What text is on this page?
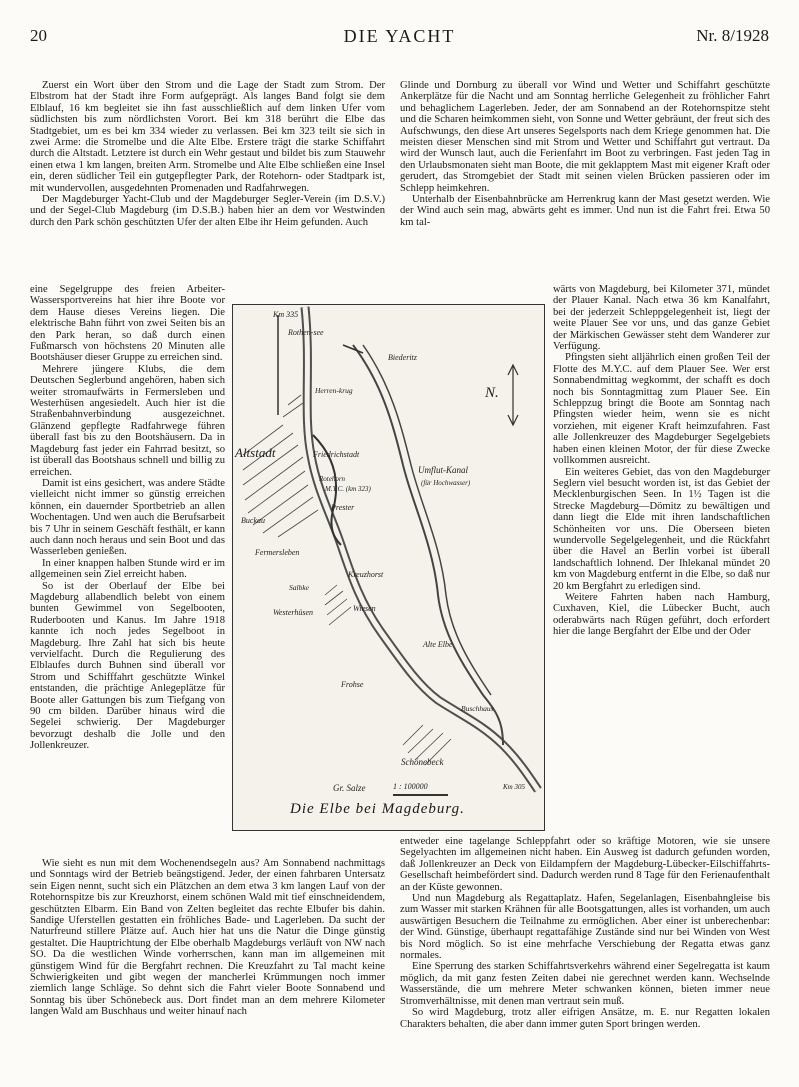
20	DIE YACHT	Nr. 8/1928

Zuerst ein Wort über den Strom und die Lage der Stadt zum Strom. Der Elbstrom hat der Stadt ihre Form aufgeprägt. Als langes Band folgt sie dem Elblauf, 16 km begleitet sie ihn fast ausschließlich auf dem linken Ufer vom südlichsten bis zum nördlichsten Vorort. Bei km 318 berührt die Elbe das Stadtgebiet, um es bei km 334 wieder zu verlassen. Bei km 323 teilt sie sich in zwei Arme: die Stromelbe und die Alte Elbe. Erstere trägt die starke Schiffahrt durch die Altstadt. Letztere ist durch ein Wehr gestaut und bildet bis zum Stauwehr einen etwa 1 km langen, breiten Arm. Stromelbe und Alte Elbe schließen eine Insel ein, deren südlicher Teil ein gutgepflegter Park, der Rotehorn- oder Stadtpark ist, mit wundervollen, ausgedehnten Promenaden und Radfahrwegen.

Der Magdeburger Yacht-Club und der Magdeburger Segler-Verein (im D.S.V.) und der Segel-Club Magdeburg (im D.S.B.) haben hier an dem vor Westwinden durch den Park schön geschützten Ufer der alten Elbe ihr Heim gefunden. Auch

eine Segelgruppe des freien Arbeiter-Wassersportvereins hat hier ihre Boote vor dem Hause dieses Vereins liegen. Die elektrische Bahn führt von zwei Seiten bis an den Park heran, so daß durch einen Fußmarsch von höchstens 20 Minuten alle Bootshäuser dieser Gruppe zu erreichen sind.

Mehrere jüngere Klubs, die dem Deutschen Seglerbund angehören, haben sich weiter stromaufwärts in Fermersleben und Westerhüsen angesiedelt. Auch hier ist die Straßenbahnverbindung ausgezeichnet. Glänzend gepflegte Radfahrwege führen überall fast bis zu den Bootshäusern. Da in Magdeburg fast jeder ein Fahrrad besitzt, so ist überall das Bootshaus schnell und billig zu erreichen.

Damit ist eins gesichert, was andere Städte vielleicht nicht immer so günstig erreichen können, ein dauernder Sportbetrieb an allen Wochentagen. Und wen auch die Berufsarbeit bis 7 Uhr in seinem Geschäft festhält, er kann auch dann noch heraus und sein Boot und das Wasserleben genießen.

In einer knappen halben Stunde wird er im allgemeinen sein Ziel erreicht haben.

So ist der Oberlauf der Elbe bei Magdeburg allabendlich belebt von einem bunten Gewimmel von Segelbooten, Ruderbooten und Kanus. Im Jahre 1918 kannte ich noch jedes Segelboot in Magdeburg. Ihre Zahl hat sich bis heute vervielfacht. Durch die Regulierung des Elblaufes durch Buhnen sind überall vor Strom und Schifffahrt geschützte Winkel entstanden, die prächtige Anlegeplätze für Boote aller Gattungen bis zum Tiefgang von 90 cm bilden. Darüber hinaus wird die Segelei schwierig. Der Magdeburger bevorzugt deshalb die Jolle und den Jollenkreuzer.

Wie sieht es nun mit dem Wochenendsegeln aus? Am Sonnabend nachmittags und Sonntags wird der Betrieb beängstigend. Jeder, der einen fahrbaren Untersatz sein Eigen nennt, sucht sich ein Plätzchen an dem etwa 3 km langen Lauf von der Rotehornspitze bis zur Kreuzhorst, einem schönen Wald mit tief einschneidendem, geschützten Elbarm. Ein Band von Zelten begleitet das rechte Elbufer bis dahin. Sandige Uferstellen gestatten ein fröhliches Bade- und Lagerleben. Da sucht der Naturfreund stillere Plätze auf. Auch hier hat uns die Natur die Dinge günstig gestaltet. Die Hauptrichtung der Elbe oberhalb Magdeburgs verläuft von NW nach SO. Da die westlichen Winde vorherrschen, kann man im allgemeinen mit günstigem Wind für die Bergfahrt rechnen. Die Kreuzfahrt zu Tal macht keine Schwierigkeiten und gibt wegen der mancherlei Krümmungen noch immer ziemlich lange Schläge. So dehnt sich die Fahrt vieler Boote Sonnabend und Sonntag bis über Schönebeck aus. Dort findet man an dem mehrere Kilometer langen Wald am Buschhaus und weiter hinauf nach

Glinde und Dornburg zu überall vor Wind und Wetter und Schiffahrt geschützte Ankerplätze für die Nacht und am Sonntag herrliche Gelegenheit zu fröhlicher Fahrt und behaglichem Lagerleben. Jeder, der am Sonnabend an der Rotehornspitze steht und die Scharen heimkommen sieht, von Sonne und Wetter gebräunt, der freut sich des Aufschwungs, den diese Art unseres Segelsports nach dem Kriege genommen hat. Die meisten dieser Menschen sind mit Strom und Wetter und Schiffahrt gut vertraut. Da wird der Wunsch laut, auch die Ferienfahrt im Boot zu verbringen. Fast jeden Tag in den Urlaubsmonaten sieht man Boote, die mit geklapptem Mast mit eigener Kraft oder gerudert, das Stromgebiet der Stadt mit seinen vielen Brücken passieren oder im Schlepp heimkehren.

Unterhalb der Eisenbahnbrücke am Herrenkrug kann der Mast gesetzt werden. Wie der Wind auch sein mag, abwärts geht es immer. Und nun ist die Fahrt frei. Etwa 50 km tal-

wärts von Magdeburg, bei Kilometer 371, mündet der Plauer Kanal. Nach etwa 36 km Kanalfahrt, bei der jederzeit Schleppgelegenheit ist, liegt der weite Plauer See vor uns, und das ganze Gebiet der Märkischen Gewässer steht dem Wanderer zur Verfügung.

Pfingsten sieht alljährlich einen großen Teil der Flotte des M.Y.C. auf dem Plauer See. Wer erst Sonnabendmittag wegkommt, der schafft es doch noch bis Sonntagmittag zum Plauer See. Ein Schleppzug bringt die Boote am Sonntag nach Pfingsten wieder heim, wenn sie es nicht vorziehen, mit eigener Kraft heimzufahren. Fast alle Jollenkreuzer des Magdeburger Segelgebiets haben einen kleinen Motor, der für diese Zwecke vollkommen ausreicht.

Ein weiteres Gebiet, das von den Magdeburger Seglern viel besucht worden ist, ist das Gebiet der Mecklenburgischen Seen. In 1½ Tagen ist die Strecke Magdeburg—Dömitz zu bewältigen und dann liegt die Elde mit ihren landschaftlichen Schönheiten vor uns. Die Oberseen bieten wundervolle Segelgelegenheit, und die Rückfahrt über die Havel an Berlin vorbei ist überall landschaftlich lohnend. Der Ihlekanal mündet 20 km von Magdeburg entfernt in die Elbe, so daß nur 20 km Bergfahrt zu erledigen sind.

Weitere Fahrten haben nach Hamburg, Cuxhaven, Kiel, die Lübecker Bucht, auch oderabwärts nach Rügen geführt, doch erfordert hier die lange Bergfahrt der Elbe und der Oder

entweder eine tagelange Schleppfahrt oder so kräftige Motoren, wie sie unsere Segelyachten im allgemeinen nicht haben. Ein Ausweg ist dadurch gefunden worden, daß Jollenkreuzer an Deck von Eildampfern der Magdeburg-Lübecker-Eilschiffahrts-Gesellschaft heimbefördert sind. Dadurch werden rund 8 Tage für den Ferienaufenthalt an der Küste gewonnen.

Und nun Magdeburg als Regattaplatz. Hafen, Segelanlagen, Eisenbahngleise bis zum Wasser mit starken Krähnen für alle Bootsgattungen, alles ist vorhanden, um auch auswärtigen Besuchern die Teilnahme zu ermöglichen. Aber einer ist unberechenbar: der Wind. Günstige, überhaupt regattafähige Zustände sind nur bei Winden von West bis Nord möglich. So ist eine mehrfache Verschiebung der Regatta etwas ganz normales.

Eine Sperrung des starken Schiffahrtsverkehrs während einer Segelregatta ist kaum möglich, da mit ganz festen Zeiten dabei nie gerechnet werden kann. Wechselnde Wasserstände, die um mehrere Meter schwanken können, bieten immer neue Stromverhältnisse, mit denen man vertraut sein muß.

So wird Magdeburg, trotz aller eifrigen Ansätze, m. E. nur Regatten lokalen Charakters behalten, die aber dann immer guten Sport bringen werden.

Km 335
Rothen-see
Biederitz
Herren-krug	N.
Altstadt	Friedrichstadt
Umflut-Kanal
(für Hochwasser)
Rotehorn
M.Y.C. (km 323)
Prester
Buckau
Fermersleben
Salbke
Kreuzhorst
Westerhüsen	Wiesen
Alte Elbe
Frohse
Buschhaus
Schönebeck
Gr. Salze	1 : 100000	Km 305
Die Elbe bei Magdeburg.
